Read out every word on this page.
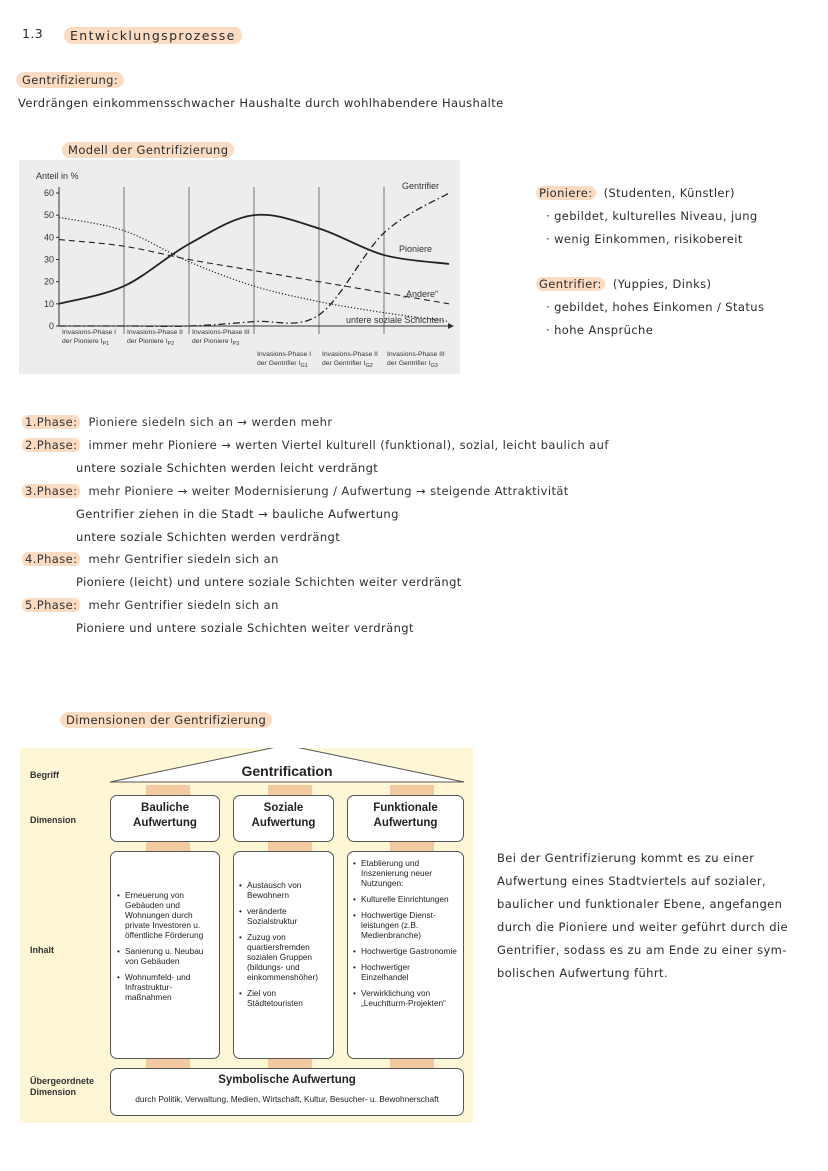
1.3	Entwicklungsprozesse
Gentrifizierung:
Verdrängen einkommensschwacher Haushalte durch wohlhabendere Haushalte
Modell der Gentrifizierung
Anteil in %
0
10
20
30
40
50
60
Gentrifier
Pioniere
„Andere“
untere soziale Schichten
Invasions-Phase I
der Pioniere $I_{P1}$
Invasions-Phase II
der Pioniere $I_{P2}$
Invasions-Phase III
der Pioniere $I_{P3}$
Invasions-Phase I
der Gentrifier $I_{G1}$
Invasions-Phase II
der Gentrifier $I_{G2}$
Invasions-Phase III
der Gentrifier $I_{G3}$
Pioniere: (Studenten, Künstler)
· gebildet, kulturelles Niveau, jung
· wenig Einkommen, risikobereit
Gentrifier: (Yuppies, Dinks)
· gebildet, hohes Einkomen / Status
· hohe Ansprüche
1.Phase: Pioniere siedeln sich an → werden mehr
2.Phase: immer mehr Pioniere → werten Viertel kulturell (funktional), sozial, leicht baulich auf
untere soziale Schichten werden leicht verdrängt
3.Phase: mehr Pioniere → weiter Modernisierung / Aufwertung → steigende Attraktivität
Gentrifier ziehen in die Stadt → bauliche Aufwertung
untere soziale Schichten werden verdrängt
4.Phase: mehr Gentrifier siedeln sich an
Pioniere (leicht) und untere soziale Schichten weiter verdrängt
5.Phase: mehr Gentrifier siedeln sich an
Pioniere und untere soziale Schichten weiter verdrängt
Dimensionen der Gentrifizierung
Begriff
Dimension
Inhalt
Übergeordnete
Dimension
Gentrification
Bauliche
Aufwertung
Soziale
Aufwertung
Funktionale
Aufwertung
• Erneuerung von Gebäuden und Wohnungen durch private Investoren u. öffentliche Förderung
• Sanierung u. Neubau von Gebäuden
• Wohnumfeld- und Infrastruktur-maßnahmen
• Austausch von Bewohnern
• veränderte Sozialstruktur
• Zuzug von quartiersfremden sozialen Gruppen (bildungs- und einkommenshöher)
• Ziel von Städtetouristen
• Etablierung und Inszenierung neuer Nutzungen:
• Kulturelle Einrichtungen
• Hochwertige Dienst-leistungen (z.B. Medienbranche)
• Hochwertige Gastronomie
• Hochwertiger Einzelhandel
• Verwirklichung von „Leuchtturm-Projekten“
Symbolische Aufwertung
durch Politik, Verwaltung, Medien, Wirtschaft, Kultur, Besucher- u. Bewohnerschaft
Bei der Gentrifizierung kommt es zu einer
Aufwertung eines Stadtviertels auf sozialer,
baulicher und funktionaler Ebene, angefangen
durch die Pioniere und weiter geführt durch die
Gentrifier, sodass es zu am Ende zu einer sym-
bolischen Aufwertung führt.
